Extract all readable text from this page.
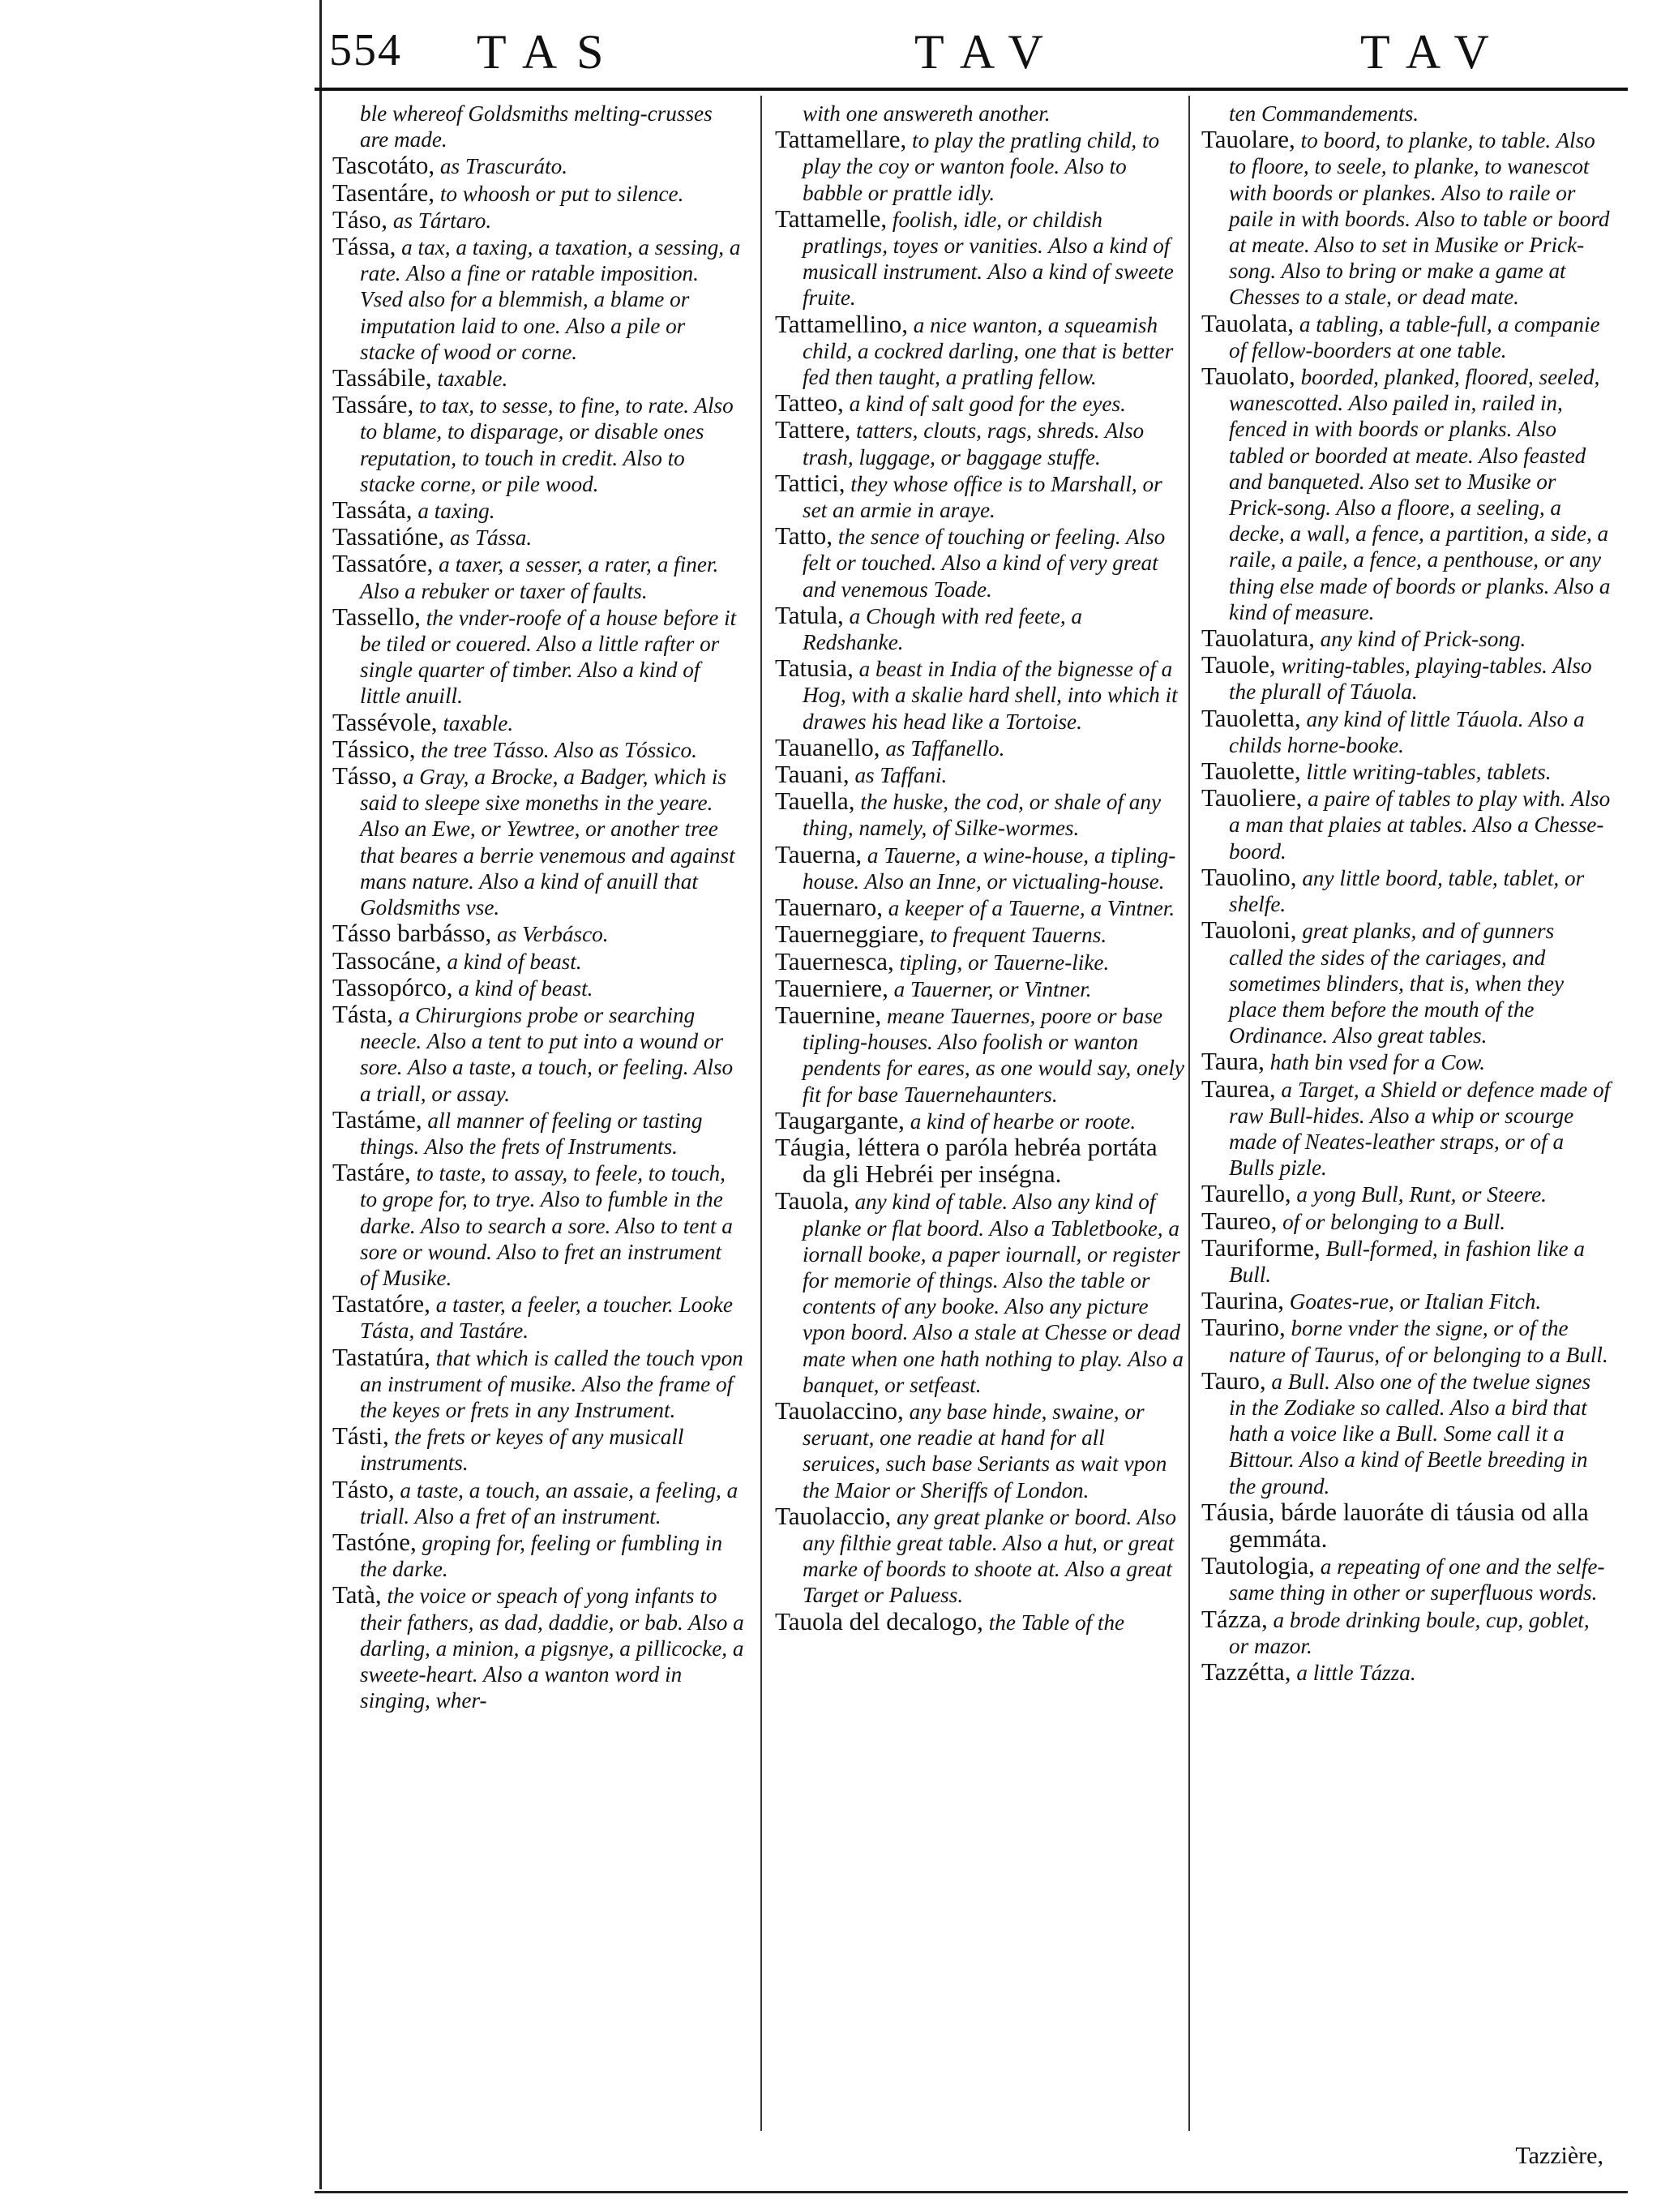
554 TAS	TAV	TAV

ble whereof Goldsmiths melting-crusses are made.

Tascotáto, as Trascuráto.

Tasentáre, to whoosh or put to silence.

Táso, as Tártaro.

Tássa, a tax, a taxing, a taxation, a sessing, a rate. Also a fine or ratable imposition. Vsed also for a blemmish, a blame or imputation laid to one. Also a pile or stacke of wood or corne.

Tassábile, taxable.

Tassáre, to tax, to sesse, to fine, to rate. Also to blame, to disparage, or disable ones reputation, to touch in credit. Also to stacke corne, or pile wood.

Tassáta, a taxing.

Tassatióne, as Tássa.

Tassatóre, a taxer, a sesser, a rater, a finer. Also a rebuker or taxer of faults.

Tassello, the vnder-roofe of a house before it be tiled or couered. Also a little rafter or single quarter of timber. Also a kind of little anuill.

Tassévole, taxable.

Tássico, the tree Tásso. Also as Tóssico.

Tásso, a Gray, a Brocke, a Badger, which is said to sleepe sixe moneths in the yeare. Also an Ewe, or Yewtree, or another tree that beares a berrie venemous and against mans nature. Also a kind of anuill that Goldsmiths vse.

Tásso barbásso, as Verbásco.

Tassocáne, a kind of beast.

Tassopórco, a kind of beast.

Tásta, a Chirurgions probe or searching neecle. Also a tent to put into a wound or sore. Also a taste, a touch, or feeling. Also a triall, or assay.

Tastáme, all manner of feeling or tasting things. Also the frets of Instruments.

Tastáre, to taste, to assay, to feele, to touch, to grope for, to trye. Also to fumble in the darke. Also to search a sore. Also to tent a sore or wound. Also to fret an instrument of Musike.

Tastatóre, a taster, a feeler, a toucher. Looke Tásta, and Tastáre.

Tastatúra, that which is called the touch vpon an instrument of musike. Also the frame of the keyes or frets in any Instrument.

Tásti, the frets or keyes of any musicall instruments.

Tásto, a taste, a touch, an assaie, a feeling, a triall. Also a fret of an instrument.

Tastóne, groping for, feeling or fumbling in the darke.

Tatà, the voice or speach of yong infants to their fathers, as dad, daddie, or bab. Also a darling, a minion, a pigsnye, a pillicocke, a sweete-heart. Also a wanton word in singing, wher-

with one answereth another.

Tattamellare, to play the pratling child, to play the coy or wanton foole. Also to babble or prattle idly.

Tattamelle, foolish, idle, or childish pratlings, toyes or vanities. Also a kind of musicall instrument. Also a kind of sweete fruite.

Tattamellino, a nice wanton, a squeamish child, a cockred darling, one that is better fed then taught, a pratling fellow.

Tatteo, a kind of salt good for the eyes.

Tattere, tatters, clouts, rags, shreds. Also trash, luggage, or baggage stuffe.

Tattici, they whose office is to Marshall, or set an armie in araye.

Tatto, the sence of touching or feeling. Also felt or touched. Also a kind of very great and venemous Toade.

Tatula, a Chough with red feete, a Redshanke.

Tatusia, a beast in India of the bignesse of a Hog, with a skalie hard shell, into which it drawes his head like a Tortoise.

Tauanello, as Taffanello.

Tauani, as Taffani.

Tauella, the huske, the cod, or shale of any thing, namely, of Silke-wormes.

Tauerna, a Tauerne, a wine-house, a tipling-house. Also an Inne, or victualing-house.

Tauernaro, a keeper of a Tauerne, a Vintner.

Tauerneggiare, to frequent Tauerns.

Tauernesca, tipling, or Tauerne-like.

Tauerniere, a Tauerner, or Vintner.

Tauernine, meane Tauernes, poore or base tipling-houses. Also foolish or wanton pendents for eares, as one would say, onely fit for base Tauernehaunters.

Taugargante, a kind of hearbe or roote.

Táugia, léttera o paróla hebréa portáta da gli Hebréi per inségna.

Tauola, any kind of table. Also any kind of planke or flat boord. Also a Tabletbooke, a iornall booke, a paper iournall, or register for memorie of things. Also the table or contents of any booke. Also any picture vpon boord. Also a stale at Chesse or dead mate when one hath nothing to play. Also a banquet, or setfeast.

Tauolaccino, any base hinde, swaine, or seruant, one readie at hand for all seruices, such base Seriants as wait vpon the Maior or Sheriffs of London.

Tauolaccio, any great planke or boord. Also any filthie great table. Also a hut, or great marke of boords to shoote at. Also a great Target or Paluess.

Tauola del decalogo, the Table of the

ten Commandements.

Tauolare, to boord, to planke, to table. Also to floore, to seele, to planke, to wanescot with boords or plankes. Also to raile or paile in with boords. Also to table or boord at meate. Also to set in Musike or Prick-song. Also to bring or make a game at Chesses to a stale, or dead mate.

Tauolata, a tabling, a table-full, a companie of fellow-boorders at one table.

Tauolato, boorded, planked, floored, seeled, wanescotted. Also pailed in, railed in, fenced in with boords or planks. Also tabled or boorded at meate. Also feasted and banqueted. Also set to Musike or Prick-song. Also a floore, a seeling, a decke, a wall, a fence, a partition, a side, a raile, a paile, a fence, a penthouse, or any thing else made of boords or planks. Also a kind of measure.

Tauolatura, any kind of Prick-song.

Tauole, writing-tables, playing-tables. Also the plurall of Táuola.

Tauoletta, any kind of little Táuola. Also a childs horne-booke.

Tauolette, little writing-tables, tablets.

Tauoliere, a paire of tables to play with. Also a man that plaies at tables. Also a Chesse-boord.

Tauolino, any little boord, table, tablet, or shelfe.

Tauoloni, great planks, and of gunners called the sides of the cariages, and sometimes blinders, that is, when they place them before the mouth of the Ordinance. Also great tables.

Taura, hath bin vsed for a Cow.

Taurea, a Target, a Shield or defence made of raw Bull-hides. Also a whip or scourge made of Neates-leather straps, or of a Bulls pizle.

Taurello, a yong Bull, Runt, or Steere.

Taureo, of or belonging to a Bull.

Tauriforme, Bull-formed, in fashion like a Bull.

Taurina, Goates-rue, or Italian Fitch.

Taurino, borne vnder the signe, or of the nature of Taurus, of or belonging to a Bull.

Tauro, a Bull. Also one of the twelue signes in the Zodiake so called. Also a bird that hath a voice like a Bull. Some call it a Bittour. Also a kind of Beetle breeding in the ground.

Táusia, bárde lauoráte di táusia od alla gemmáta.

Tautologia, a repeating of one and the selfe-same thing in other or superfluous words.

Tázza, a brode drinking boule, cup, goblet, or mazor.

Tazzétta, a little Tázza.

Tazzière,
